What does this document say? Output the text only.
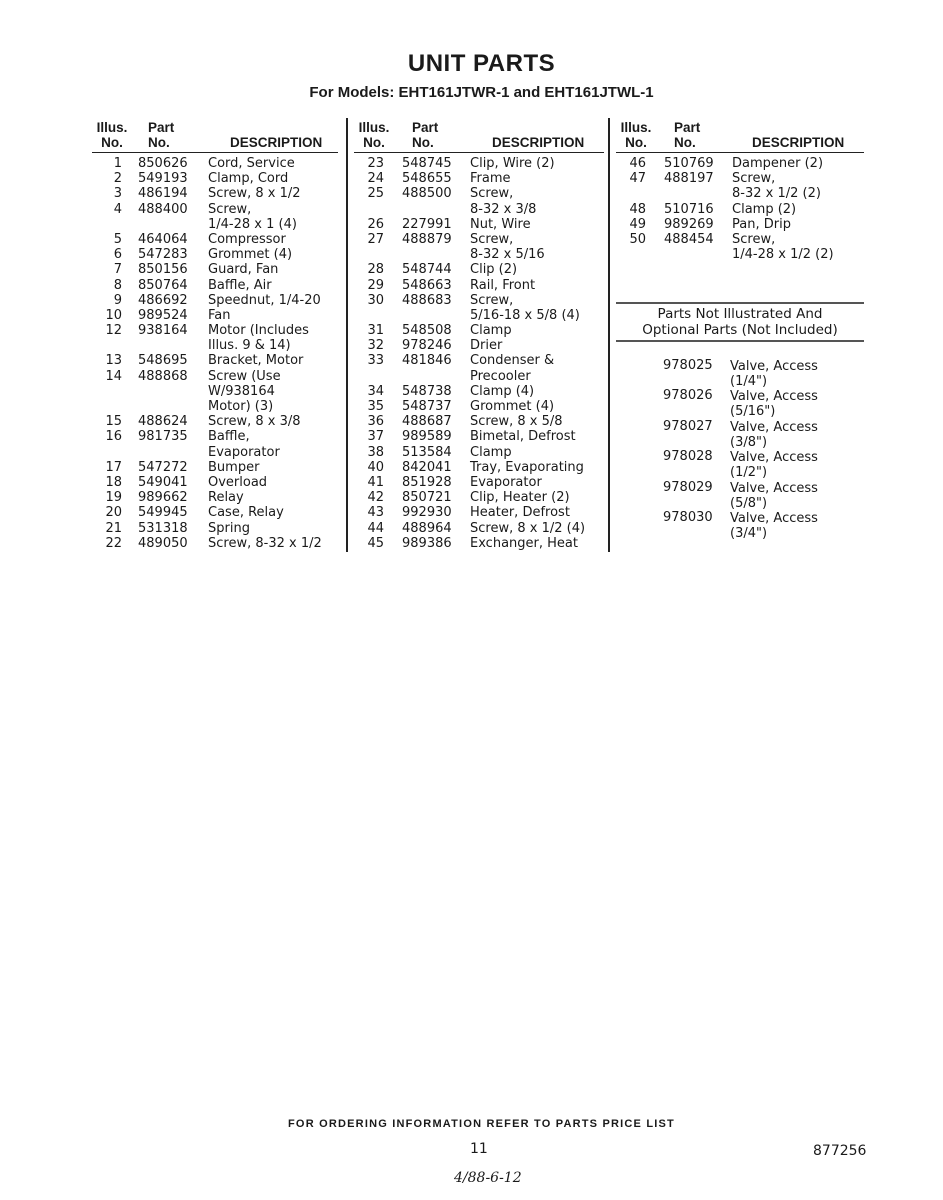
UNIT PARTS
For Models: EHT161JTWR-1 and EHT161JTWL-1
Illus.
No.
Part
No.	DESCRIPTION
1 850626 Cord, Service
2 549193 Clamp, Cord
3 486194 Screw, 8 x 1/2
4 488400 Screw,
1/4-28 x 1 (4)
5 464064 Compressor
6 547283 Grommet (4)
7 850156 Guard, Fan
8 850764 Baffle, Air
9 486692 Speednut, 1/4-20
10 989524 Fan
12 938164 Motor (Includes
Illus. 9 & 14)
13 548695 Bracket, Motor
14 488868 Screw (Use
W/938164
Motor) (3)
15 488624 Screw, 8 x 3/8
16 981735 Baffle,
Evaporator
17 547272 Bumper
18 549041 Overload
19 989662 Relay
20 549945 Case, Relay
21 531318 Spring
22 489050 Screw, 8-32 x 1/2
Illus.
No.
Part
No.	DESCRIPTION
23 548745 Clip, Wire (2)
24 548655 Frame
25 488500 Screw,
8-32 x 3/8
26 227991 Nut, Wire
27 488879 Screw,
8-32 x 5/16
28 548744 Clip (2)
29 548663 Rail, Front
30 488683 Screw,
5/16-18 x 5/8 (4)
31 548508 Clamp
32 978246 Drier
33 481846 Condenser &
Precooler
34 548738 Clamp (4)
35 548737 Grommet (4)
36 488687 Screw, 8 x 5/8
37 989589 Bimetal, Defrost
38 513584 Clamp
40 842041 Tray, Evaporating
41 851928 Evaporator
42 850721 Clip, Heater (2)
43 992930 Heater, Defrost
44 488964 Screw, 8 x 1/2 (4)
45 989386 Exchanger, Heat
Illus.
No.
Part
No.	DESCRIPTION
46 510769 Dampener (2)
47 488197 Screw,
8-32 x 1/2 (2)
48 510716 Clamp (2)
49 989269 Pan, Drip
50 488454 Screw,
1/4-28 x 1/2 (2)
Parts Not Illustrated And
Optional Parts (Not Included)
978025 Valve, Access
(1/4")
978026 Valve, Access
(5/16")
978027 Valve, Access
(3/8")
978028 Valve, Access
(1/2")
978029 Valve, Access
(5/8")
978030 Valve, Access
(3/4")
FOR ORDERING INFORMATION REFER TO PARTS PRICE LIST
11	877256
4/88-6-12
